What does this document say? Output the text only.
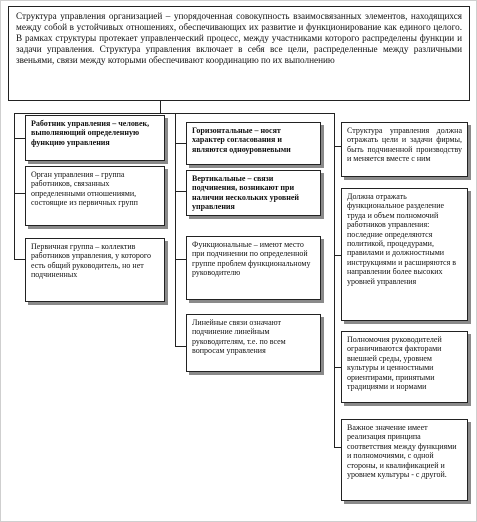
Структура управления организацией – упорядоченная совокупность взаимосвязанных элементов, находящихся между собой в устойчивых отношениях, обеспечивающих их развитие и функционирование как единого целого. В рамках структуры протекает управленческий процесс, между участниками которого распределены функции и задачи управления. Структура управления включает в себя все цели, распределенные между различными звеньями, связи между которыми обеспечивают координацию по их выполнению
Работник управления – человек, выполняющий определенную функцию управления
Орган управления – группа работников, связанных определенными отношениями, состоящие из первичных групп
Первичная группа – коллектив работников управления, у которого есть общий руководитель, но нет подчиненных
Горизонтальные – носят характер согласования и являются одноуровневыми
Вертикальные – связи подчинения, возникают при наличии нескольких уровней управления
Функциональные – имеют место при подчинении по определенной группе проблем функциональному руководителю
Линейные связи означают подчинение линейным руководителям, т.е. по всем вопросам управления
Структура управления должна отражать цели и задачи фирмы, быть подчиненной производству и меняется вместе с ним
Должна отражать функциональное разделение труда и объем полномочий работников управления: последние определяются политикой, процедурами, правилами и должностными инструкциями и расширяются в направлении более высоких уровней управления
Полномочия руководителей ограничиваются факторами внешней среды, уровнем культуры и ценностными ориентирами, принятыми традициями и нормами
Важное значение имеет реализация принципа соответствия между функциями и полномочиями, с одной стороны, и квалификацией и уровнем культуры - с другой.
